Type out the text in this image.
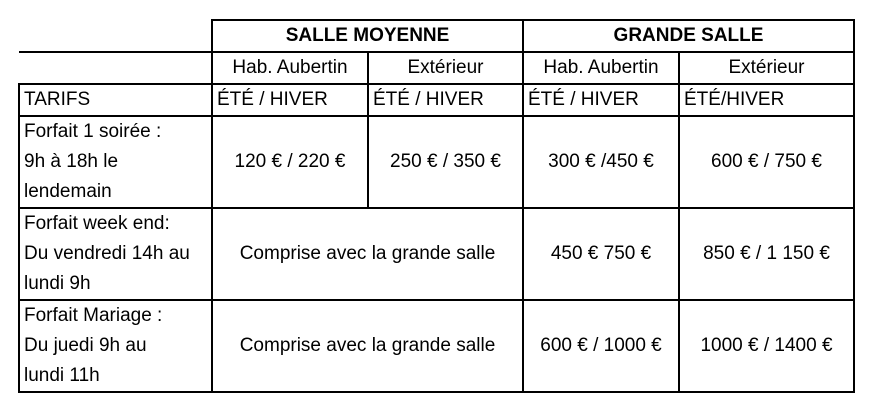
	SALLE MOYENNE		GRANDE SALLE	
	Hab. Aubertin	Extérieur	Hab. Aubertin	Extérieur
TARIFS	ÉTÉ / HIVER	ÉTÉ / HIVER	ÉTÉ / HIVER	ÉTÉ/HIVER

Forfait 1 soirée :
9h à 18h le
lendemain	120 € / 220 €	250 € / 350 €	300 € /450 €	600 € / 750 €

Forfait week end:
Du vendredi 14h au
lundi 9h	Comprise avec la grande salle		450 € 750 €	850 € / 1 150 €

Forfait Mariage :
Du juedi 9h au
lundi 11h	Comprise avec la grande salle		600 € / 1000 €	1000 € / 1400 €
